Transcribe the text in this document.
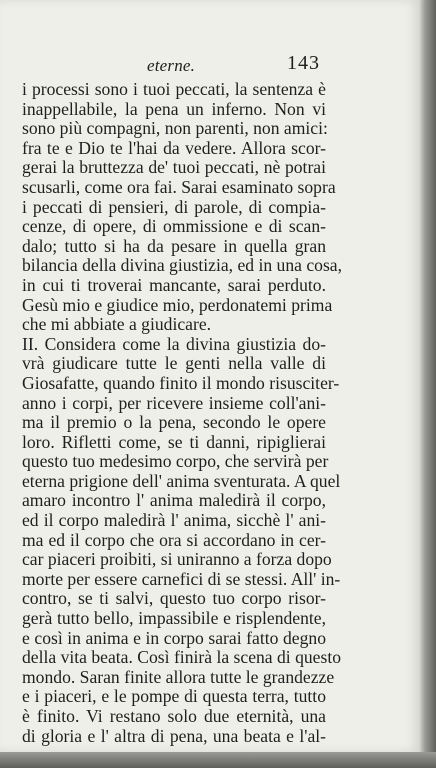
eterne.	143
i processi sono i tuoi peccati, la sentenza è
inappellabile, la pena un inferno. Non vi
sono più compagni, non parenti, non amici:
fra te e Dio te l'hai da vedere. Allora scor-
gerai la bruttezza de' tuoi peccati, nè potrai
scusarli, come ora fai. Sarai esaminato sopra
i peccati di pensieri, di parole, di compia-
cenze, di opere, di ommissione e di scan-
dalo; tutto si ha da pesare in quella gran
bilancia della divina giustizia, ed in una cosa,
in cui ti troverai mancante, sarai perduto.
Gesù mio e giudice mio, perdonatemi prima
che mi abbiate a giudicare.
II. Considera come la divina giustizia do-
vrà giudicare tutte le genti nella valle di
Giosafatte, quando finito il mondo risusciter-
anno i corpi, per ricevere insieme coll'ani-
ma il premio o la pena, secondo le opere
loro. Rifletti come, se ti danni, ripiglierai
questo tuo medesimo corpo, che servirà per
eterna prigione dell' anima sventurata. A quel
amaro incontro l' anima maledirà il corpo,
ed il corpo maledirà l' anima, sicchè l' ani-
ma ed il corpo che ora si accordano in cer-
car piaceri proibiti, si uniranno a forza dopo
morte per essere carnefici di se stessi. All' in-
contro, se ti salvi, questo tuo corpo risor-
gerà tutto bello, impassibile e risplendente,
e così in anima e in corpo sarai fatto degno
della vita beata. Così finirà la scena di questo
mondo. Saran finite allora tutte le grandezze
e i piaceri, e le pompe di questa terra, tutto
è finito. Vi restano solo due eternità, una
di gloria e l' altra di pena, una beata e l'al-
